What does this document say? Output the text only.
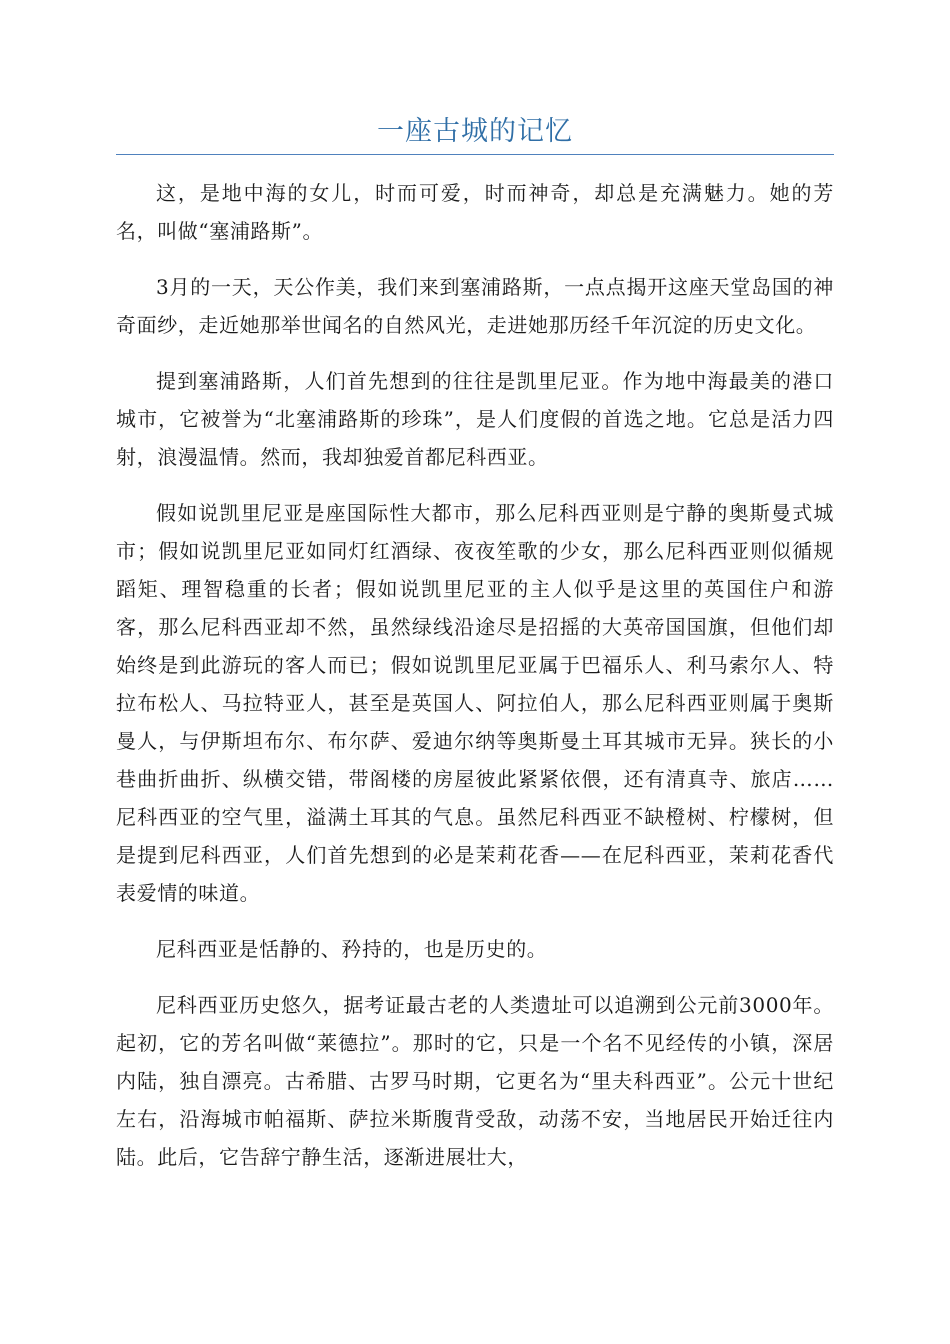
一座古城的记忆

这，是地中海的女儿，时而可爱，时而神奇，却总是充满魅力。她的芳名，叫做“塞浦路斯”。

3月的一天，天公作美，我们来到塞浦路斯，一点点揭开这座天堂岛国的神奇面纱，走近她那举世闻名的自然风光，走进她那历经千年沉淀的历史文化。

提到塞浦路斯，人们首先想到的往往是凯里尼亚。作为地中海最美的港口城市，它被誉为“北塞浦路斯的珍珠”，是人们度假的首选之地。它总是活力四射，浪漫温情。然而，我却独爱首都尼科西亚。

假如说凯里尼亚是座国际性大都市，那么尼科西亚则是宁静的奥斯曼式城市；假如说凯里尼亚如同灯红酒绿、夜夜笙歌的少女，那么尼科西亚则似循规蹈矩、理智稳重的长者；假如说凯里尼亚的主人似乎是这里的英国住户和游客，那么尼科西亚却不然，虽然绿线沿途尽是招摇的大英帝国国旗，但他们却始终是到此游玩的客人而已；假如说凯里尼亚属于巴福乐人、利马索尔人、特拉布松人、马拉特亚人，甚至是英国人、阿拉伯人，那么尼科西亚则属于奥斯曼人，与伊斯坦布尔、布尔萨、爱迪尔纳等奥斯曼土耳其城市无异。狭长的小巷曲折曲折、纵横交错，带阁楼的房屋彼此紧紧依偎，还有清真寺、旅店……尼科西亚的空气里，溢满土耳其的气息。虽然尼科西亚不缺橙树、柠檬树，但是提到尼科西亚，人们首先想到的必是茉莉花香——在尼科西亚，茉莉花香代表爱情的味道。

尼科西亚是恬静的、矜持的，也是历史的。

尼科西亚历史悠久，据考证最古老的人类遗址可以追溯到公元前3000年。起初，它的芳名叫做“莱德拉”。那时的它，只是一个名不见经传的小镇，深居内陆，独自漂亮。古希腊、古罗马时期，它更名为“里夫科西亚”。公元十世纪左右，沿海城市帕福斯、萨拉米斯腹背受敌，动荡不安，当地居民开始迁往内陆。此后，它告辞宁静生活，逐渐进展壮大，
